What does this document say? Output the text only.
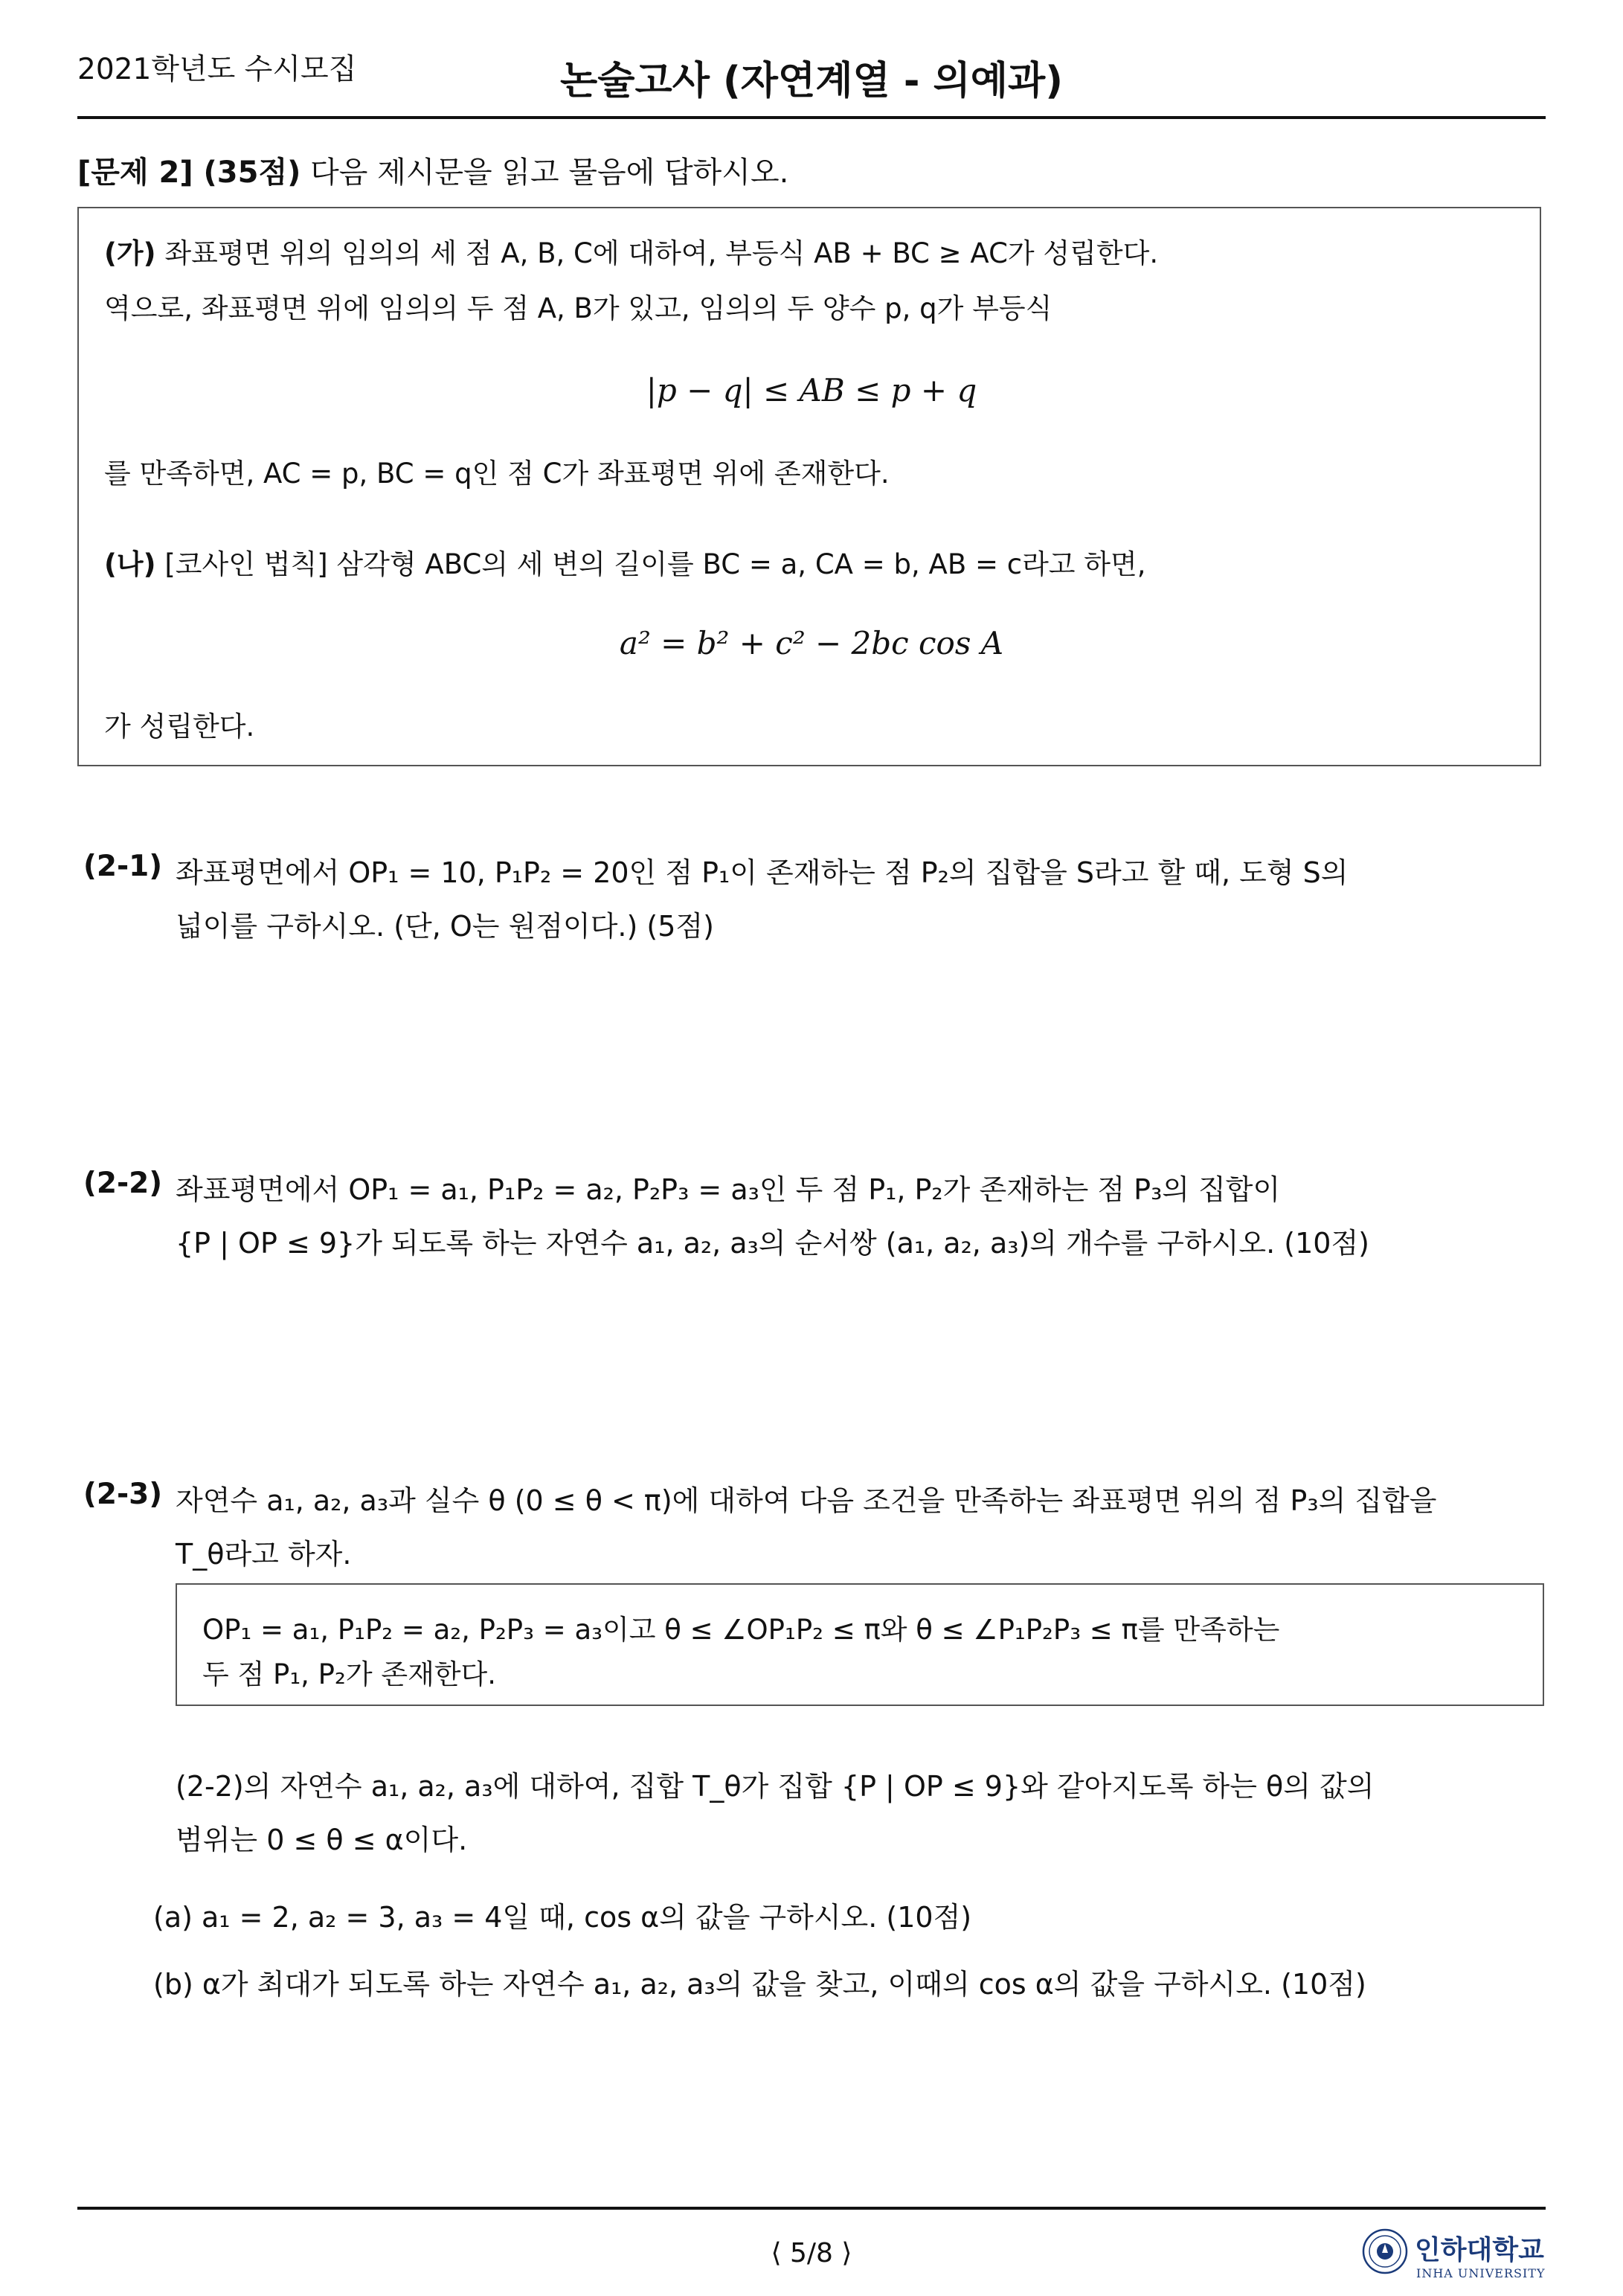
2021학년도 수시모집	논술고사 (자연계열 - 의예과)
[문제 2] (35점) 다음 제시문을 읽고 물음에 답하시오.
(가) 좌표평면 위의 임의의 세 점 A, B, C에 대하여, 부등식 AB + BC ≥ AC가 성립한다.
역으로, 좌표평면 위에 임의의 두 점 A, B가 있고, 임의의 두 양수 p, q가 부등식
|p − q| ≤ AB ≤ p + q
를 만족하면, AC = p, BC = q인 점 C가 좌표평면 위에 존재한다.
(나) [코사인 법칙] 삼각형 ABC의 세 변의 길이를 BC = a, CA = b, AB = c라고 하면,
a² = b² + c² − 2bc cos A
가 성립한다.
(2-1) 좌표평면에서 OP₁ = 10, P₁P₂ = 20인 점 P₁이 존재하는 점 P₂의 집합을 S라고 할 때, 도형 S의
넓이를 구하시오. (단, O는 원점이다.) (5점)
(2-2) 좌표평면에서 OP₁ = a₁, P₁P₂ = a₂, P₂P₃ = a₃인 두 점 P₁, P₂가 존재하는 점 P₃의 집합이
{P | OP ≤ 9}가 되도록 하는 자연수 a₁, a₂, a₃의 순서쌍 (a₁, a₂, a₃)의 개수를 구하시오. (10점)
(2-3) 자연수 a₁, a₂, a₃과 실수 θ (0 ≤ θ < π)에 대하여 다음 조건을 만족하는 좌표평면 위의 점 P₃의 집합을
T_θ라고 하자.
OP₁ = a₁, P₁P₂ = a₂, P₂P₃ = a₃이고 θ ≤ ∠OP₁P₂ ≤ π와 θ ≤ ∠P₁P₂P₃ ≤ π를 만족하는
두 점 P₁, P₂가 존재한다.
(2-2)의 자연수 a₁, a₂, a₃에 대하여, 집합 T_θ가 집합 {P | OP ≤ 9}와 같아지도록 하는 θ의 값의
범위는 0 ≤ θ ≤ α이다.
(a) a₁ = 2, a₂ = 3, a₃ = 4일 때, cos α의 값을 구하시오. (10점)
(b) α가 최대가 되도록 하는 자연수 a₁, a₂, a₃의 값을 찾고, 이때의 cos α의 값을 구하시오. (10점)
⟨ 5/8 ⟩	인하대학교
INHA UNIVERSITY
